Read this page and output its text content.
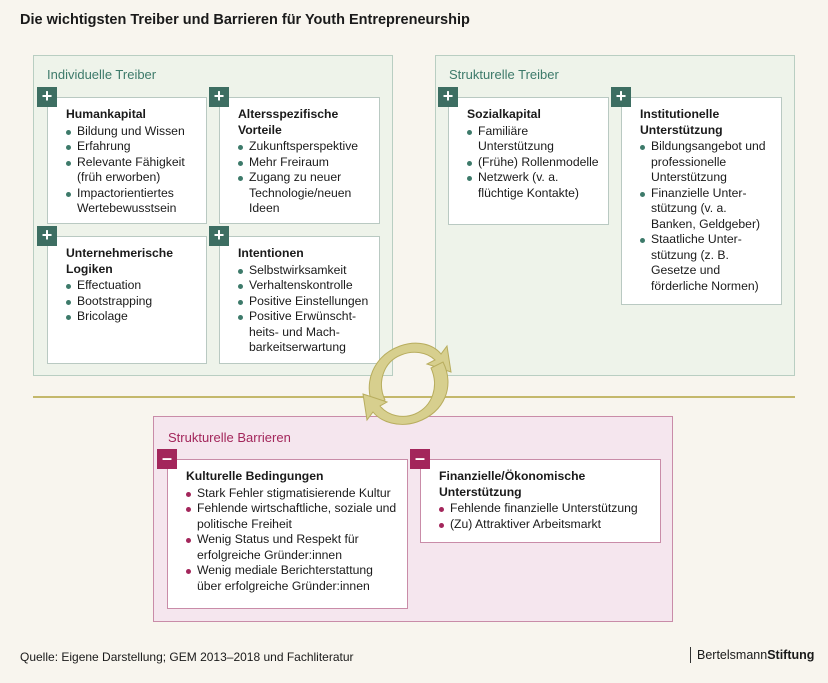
Die wichtigsten Treiber und Barrieren für Youth Entrepreneurship
Individuelle Treiber
Humankapital
Bildung und Wissen
Erfahrung
Relevante Fähigkeit (früh erworben)
Impactorientiertes Wertebewusstsein
+
Altersspezifische Vorteile
Zukunftsperspektive
Mehr Freiraum
Zugang zu neuer Technologie/neuen Ideen
+
Unternehmerische Logiken
Effectuation
Bootstrapping
Bricolage
+
Intentionen
Selbstwirksamkeit
Verhaltenskontrolle
Positive Einstellungen
Positive Erwünschtheits- und Machbarkeitserwartung
+
Strukturelle Treiber
Sozialkapital
Familiäre Unterstützung
(Frühe) Rollenmodelle
Netzwerk (v. a. flüchtige Kontakte)
+
Institutionelle Unterstützung
Bildungsangebot und professionelle Unterstützung
Finanzielle Unterstützung (v. a. Banken, Geldgeber)
Staatliche Unterstützung (z. B. Gesetze und förderliche Normen)
+
Strukturelle Barrieren
Kulturelle Bedingungen
Stark Fehler stigmatisierende Kultur
Fehlende wirtschaftliche, soziale und politische Freiheit
Wenig Status und Respekt für erfolgreiche Gründer:innen
Wenig mediale Berichterstattung über erfolgreiche Gründer:innen
–
Finanzielle/Ökonomische Unterstützung
Fehlende finanzielle Unterstützung
(Zu) Attraktiver Arbeitsmarkt
–
Quelle: Eigene Darstellung; GEM 2013–2018 und Fachliteratur	BertelsmannStiftung
